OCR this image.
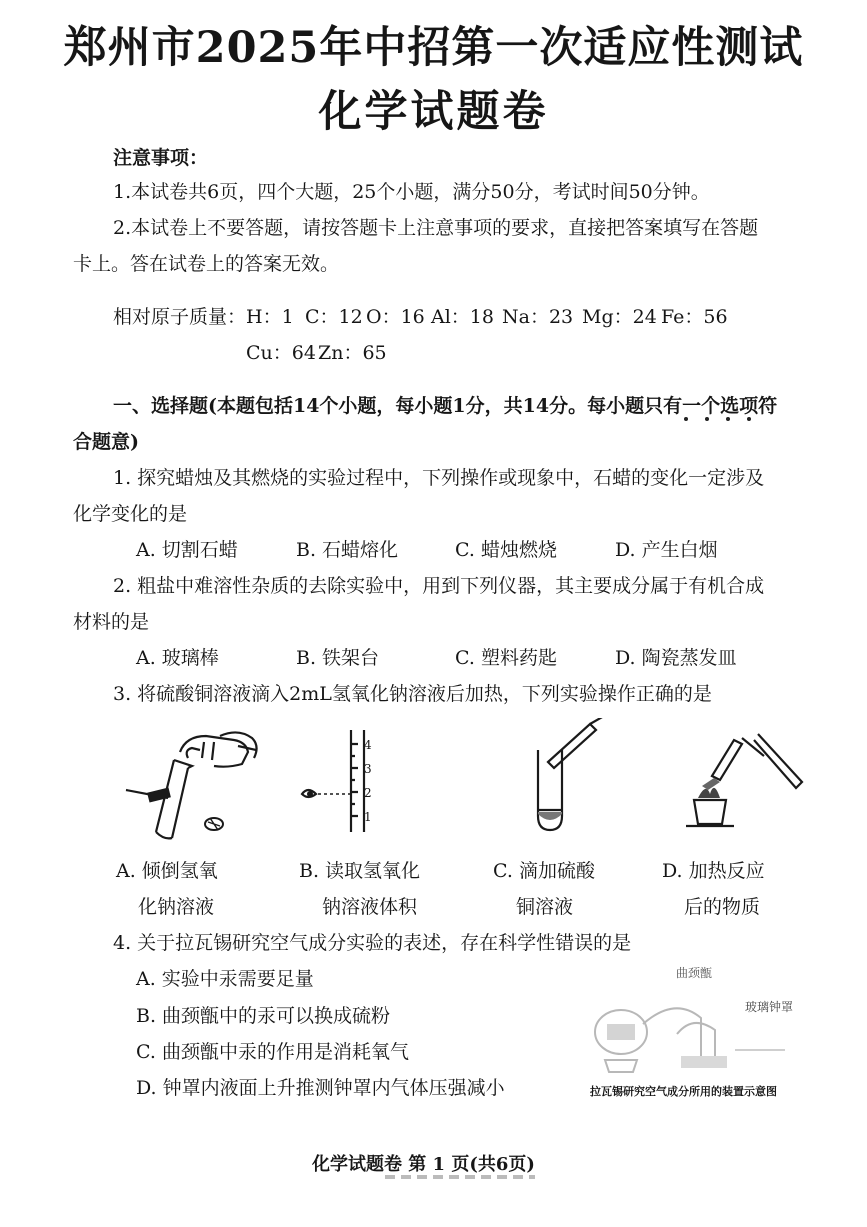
郑州市2025年中招第一次适应性测试
化学试题卷
注意事项：
1.本试卷共6页，四个大题，25个小题，满分50分，考试时间50分钟。
2.本试卷上不要答题，请按答题卡上注意事项的要求，直接把答案填写在答题
卡上。答在试卷上的答案无效。
相对原子质量： H：1 C：12 O：16 Al：18 Na：23 Mg：24 Fe：56
Cu：64 Zn：65
一、选择题(本题包括14个小题，每小题1分，共14分。每小题只有一个选项符
合题意)
1. 探究蜡烛及其燃烧的实验过程中，下列操作或现象中，石蜡的变化一定涉及
化学变化的是
A. 切割石蜡	B. 石蜡熔化	C. 蜡烛燃烧	D. 产生白烟
2. 粗盐中难溶性杂质的去除实验中，用到下列仪器，其主要成分属于有机合成
材料的是
A. 玻璃棒	B. 铁架台	C. 塑料药匙	D. 陶瓷蒸发皿
3. 将硫酸铜溶液滴入2mL氢氧化钠溶液后加热，下列实验操作正确的是
4
3
2
1
A. 倾倒氢氧
化钠溶液
B. 读取氢氧化
钠溶液体积
C. 滴加硫酸
铜溶液
D. 加热反应
后的物质
4. 关于拉瓦锡研究空气成分实验的表述，存在科学性错误的是
A. 实验中汞需要足量
B. 曲颈甑中的汞可以换成硫粉
C. 曲颈甑中汞的作用是消耗氧气
D. 钟罩内液面上升推测钟罩内气体压强减小
曲颈甑
玻璃钟罩
拉瓦锡研究空气成分所用的装置示意图
化学试题卷 第 1 页(共6页)
